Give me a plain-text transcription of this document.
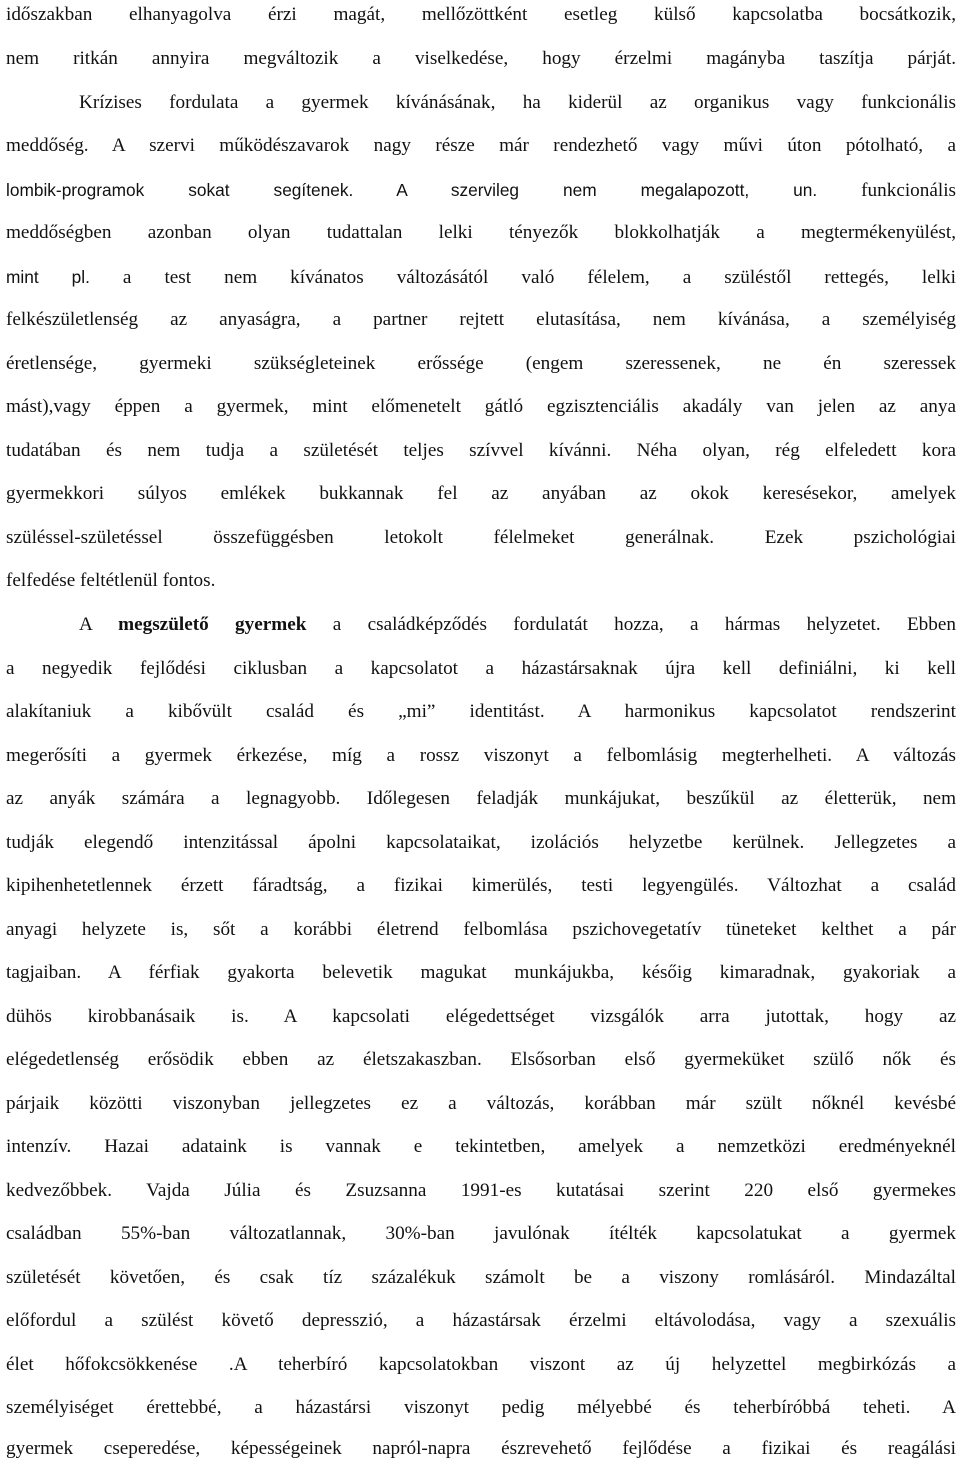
időszakban elhanyagolva érzi magát, mellőzöttként esetleg külső kapcsolatba bocsátkozik,
nem ritkán annyira megváltozik a viselkedése, hogy érzelmi magányba taszítja párját.
Krízises fordulata a gyermek kívánásának, ha kiderül az organikus vagy funkcionális
meddőség. A szervi működészavarok nagy része már rendezhető vagy művi úton pótolható, a
lombik-programok sokat segítenek. A szervileg nem megalapozott, un. funkcionális
meddőségben azonban olyan tudattalan lelki tényezők blokkolhatják a megtermékenyülést,
mint pl. a test nem kívánatos változásától való félelem, a szüléstől rettegés, lelki
felkészületlenség az anyaságra, a partner rejtett elutasítása, nem kívánása, a személyiség
éretlensége, gyermeki szükségleteinek erőssége (engem szeressenek, ne én szeressek
mást),vagy éppen a gyermek, mint előmenetelt gátló egzisztenciális akadály van jelen az anya
tudatában és nem tudja a születését teljes szívvel kívánni. Néha olyan, rég elfeledett kora
gyermekkori súlyos emlékek bukkannak fel az anyában az okok keresésekor, amelyek
szüléssel-születéssel összefüggésben letokolt félelmeket generálnak. Ezek pszichológiai
felfedése feltétlenül fontos.
A megszülető gyermek a családképződés fordulatát hozza, a hármas helyzetet. Ebben
a negyedik fejlődési ciklusban a kapcsolatot a házastársaknak újra kell definiálni, ki kell
alakítaniuk a kibővült család és „mi” identitást. A harmonikus kapcsolatot rendszerint
megerősíti a gyermek érkezése, míg a rossz viszonyt a felbomlásig megterhelheti. A változás
az anyák számára a legnagyobb. Időlegesen feladják munkájukat, beszűkül az életterük, nem
tudják elegendő intenzitással ápolni kapcsolataikat, izolációs helyzetbe kerülnek. Jellegzetes a
kipihenhetetlennek érzett fáradtság, a fizikai kimerülés, testi legyengülés. Változhat a család
anyagi helyzete is, sőt a korábbi életrend felbomlása pszichovegetatív tüneteket kelthet a pár
tagjaiban. A férfiak gyakorta belevetik magukat munkájukba, későig kimaradnak, gyakoriak a
dühös kirobbanásaik is. A kapcsolati elégedettséget vizsgálók arra jutottak, hogy az
elégedetlenség erősödik ebben az életszakaszban. Elsősorban első gyermeküket szülő nők és
párjaik közötti viszonyban jellegzetes ez a változás, korábban már szült nőknél kevésbé
intenzív. Hazai adataink is vannak e tekintetben, amelyek a nemzetközi eredményeknél
kedvezőbbek. Vajda Júlia és Zsuzsanna 1991-es kutatásai szerint 220 első gyermekes
családban 55%-ban változatlannak, 30%-ban javulónak ítélték kapcsolatukat a gyermek
születését követően, és csak tíz százalékuk számolt be a viszony romlásáról. Mindazáltal
előfordul a szülést követő depresszió, a házastársak érzelmi eltávolodása, vagy a szexuális
élet hőfokcsökkenése .A teherbíró kapcsolatokban viszont az új helyzettel megbirkózás a
személyiséget érettebbé, a házastársi viszonyt pedig mélyebbé és teherbíróbbá teheti. A
gyermek cseperedése, képességeinek napról-napra észrevehető fejlődése a fizikai és reagálási
